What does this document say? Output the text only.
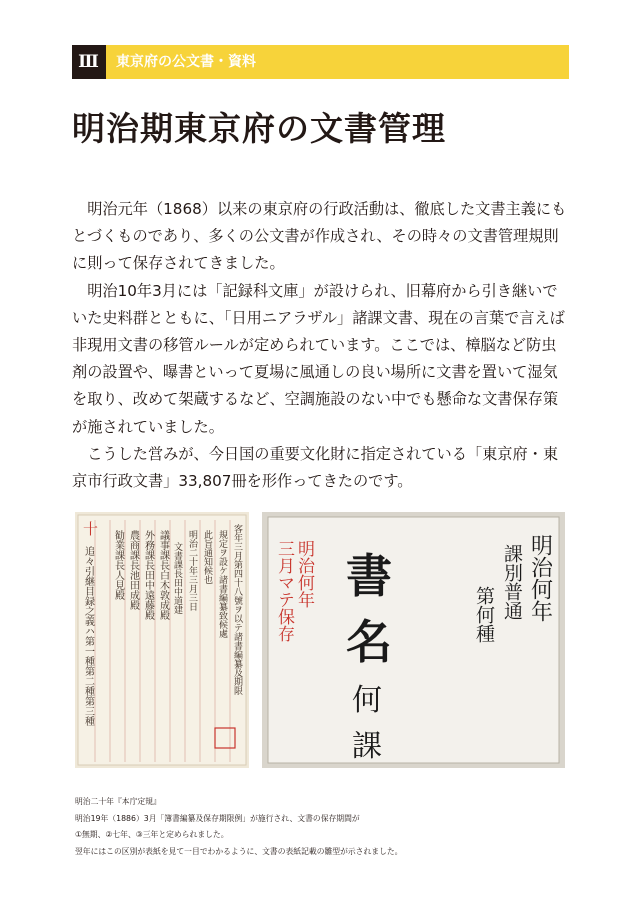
Ⅲ	東京府の公文書・資料
明治期東京府の文書管理

明治元年（1868）以来の東京府の行政活動は、徹底した文書主義にもとづくものであり、多くの公文書が作成され、その時々の文書管理規則に則って保存されてきました。

明治10年3月には「記録科文庫」が設けられ、旧幕府から引き継いでいた史料群とともに、「日用ニアラザル」諸課文書、現在の言葉で言えば非現用文書の移管ルールが定められています。ここでは、樟脳など防虫剤の設置や、曝書といって夏場に風通しの良い場所に文書を置いて湿気を取り、改めて架蔵するなど、空調施設のない中でも懸命な文書保存策が施されていました。

こうした営みが、今日国の重要文化財に指定されている「東京府・東京市行政文書」33,807冊を形作ってきたのです。

十
追々引継目録之義ハ第一種第二種第三種 勧業課長人見殿 農商課長池田成殿 外務課長田中遠藤殿 議事課長白木敦成殿 文書課長田中道建 明治二十年三月三日 此旨通知候也 規定ヲ設ケ諸書編纂致候處 客年三月第四十八號ヲ以テ諸書編纂及期限	明治何年
三月マテ保存 書
名
何
課
明治何年
課別普通
第何種
明治二十年『本庁定規』
明治19年（1886）3月「簿書編纂及保存期限例」が施行され、文書の保存期間が
①無期、②七年、③三年と定められました。
翌年にはこの区別が表紙を見て一目でわかるように、文書の表紙記載の雛型が示されました。
